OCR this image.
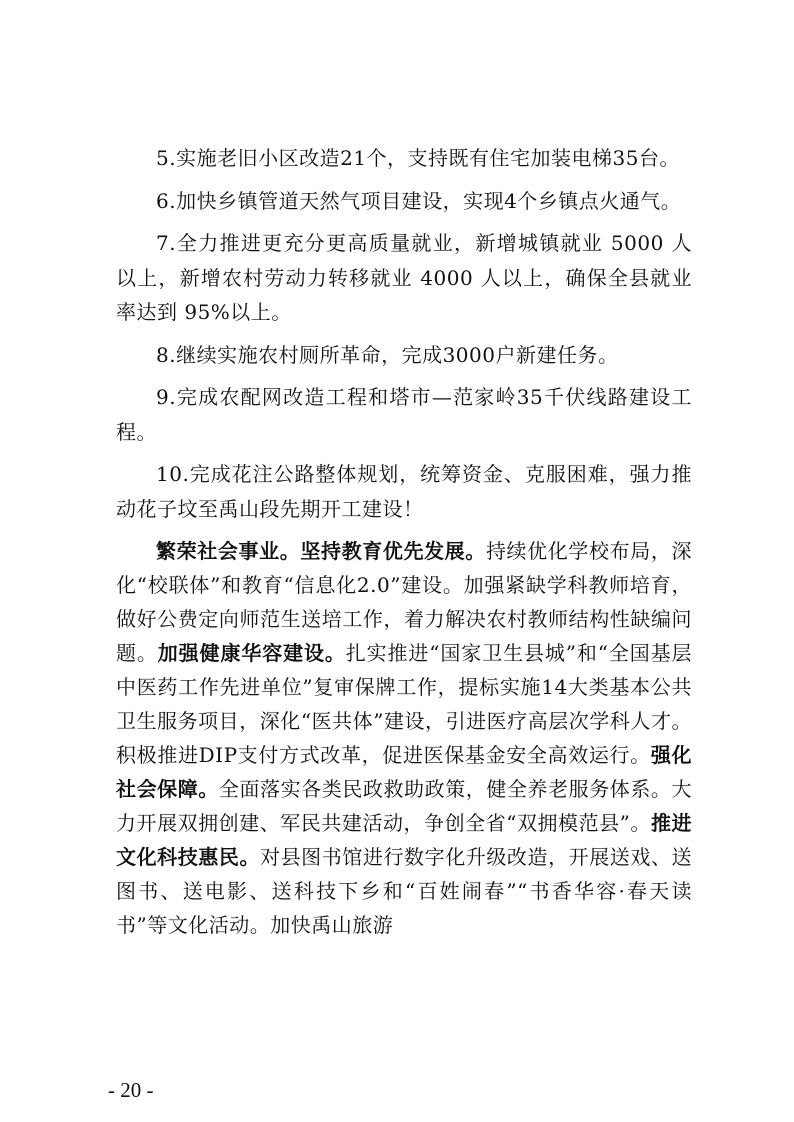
5.实施老旧小区改造21个，支持既有住宅加装电梯35台。

6.加快乡镇管道天然气项目建设，实现4个乡镇点火通气。

7.全力推进更充分更高质量就业，新增城镇就业 5000 人以上，新增农村劳动力转移就业 4000 人以上，确保全县就业率达到 95%以上。

8.继续实施农村厕所革命，完成3000户新建任务。

9.完成农配网改造工程和塔市—范家岭35千伏线路建设工程。

10.完成花注公路整体规划，统筹资金、克服困难，强力推动花子坟至禹山段先期开工建设！

繁荣社会事业。坚持教育优先发展。持续优化学校布局，深化“校联体”和教育“信息化2.0”建设。加强紧缺学科教师培育，做好公费定向师范生送培工作，着力解决农村教师结构性缺编问题。加强健康华容建设。扎实推进“国家卫生县城”和“全国基层中医药工作先进单位”复审保牌工作，提标实施14大类基本公共卫生服务项目，深化“医共体”建设，引进医疗高层次学科人才。积极推进DIP支付方式改革，促进医保基金安全高效运行。强化社会保障。全面落实各类民政救助政策，健全养老服务体系。大力开展双拥创建、军民共建活动，争创全省“双拥模范县”。推进文化科技惠民。对县图书馆进行数字化升级改造，开展送戏、送图书、送电影、送科技下乡和“百姓闹春”“书香华容·春天读书”等文化活动。加快禹山旅游

- 20 -
